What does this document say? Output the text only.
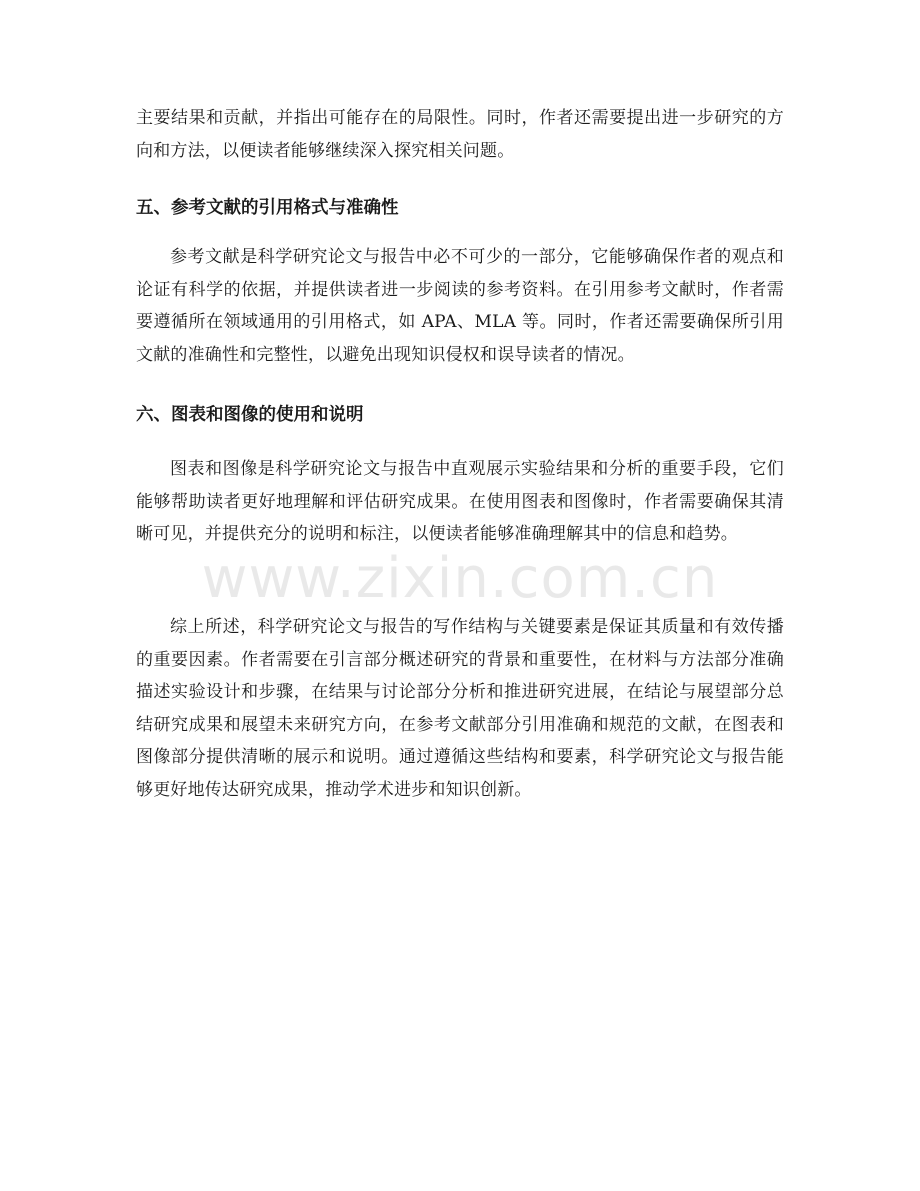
主要结果和贡献，并指出可能存在的局限性。同时，作者还需要提出进一步研究的方向和方法，以便读者能够继续深入探究相关问题。

五、参考文献的引用格式与准确性

参考文献是科学研究论文与报告中必不可少的一部分，它能够确保作者的观点和论证有科学的依据，并提供读者进一步阅读的参考资料。在引用参考文献时，作者需要遵循所在领域通用的引用格式，如 APA、MLA 等。同时，作者还需要确保所引用文献的准确性和完整性，以避免出现知识侵权和误导读者的情况。

六、图表和图像的使用和说明

图表和图像是科学研究论文与报告中直观展示实验结果和分析的重要手段，它们能够帮助读者更好地理解和评估研究成果。在使用图表和图像时，作者需要确保其清晰可见，并提供充分的说明和标注，以便读者能够准确理解其中的信息和趋势。

综上所述，科学研究论文与报告的写作结构与关键要素是保证其质量和有效传播的重要因素。作者需要在引言部分概述研究的背景和重要性，在材料与方法部分准确描述实验设计和步骤，在结果与讨论部分分析和推进研究进展，在结论与展望部分总结研究成果和展望未来研究方向，在参考文献部分引用准确和规范的文献，在图表和图像部分提供清晰的展示和说明。通过遵循这些结构和要素，科学研究论文与报告能够更好地传达研究成果，推动学术进步和知识创新。

www.zixin.com.cn
